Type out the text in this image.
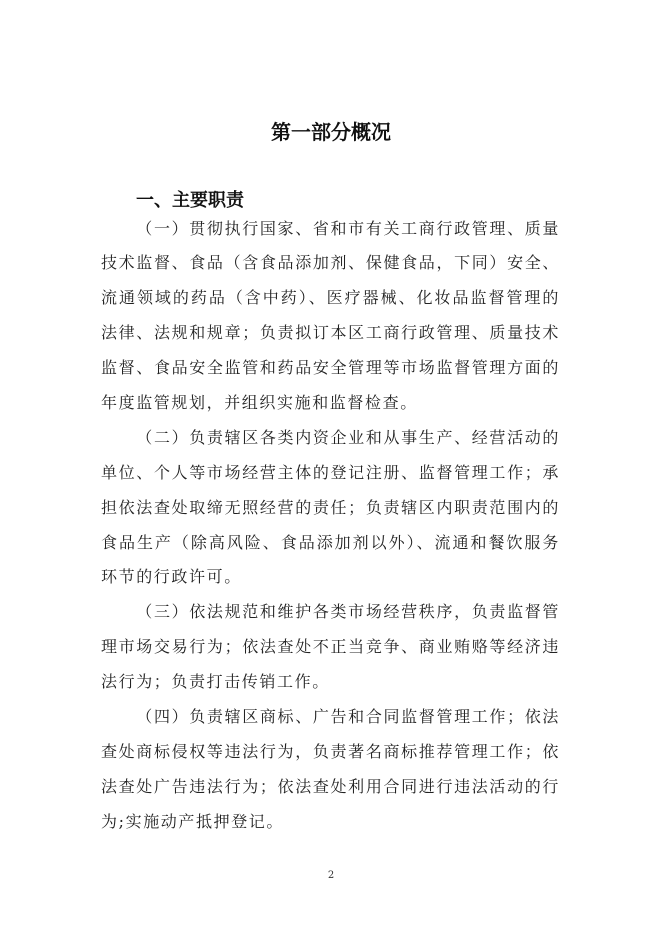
第一部分概况
一、主要职责
（一）贯彻执行国家、省和市有关工商行政管理、质量
技术监督、食品（含食品添加剂、保健食品，下同）安全、
流通领域的药品（含中药）、医疗器械、化妆品监督管理的
法律、法规和规章；负责拟订本区工商行政管理、质量技术
监督、食品安全监管和药品安全管理等市场监督管理方面的
年度监管规划，并组织实施和监督检查。
（二）负责辖区各类内资企业和从事生产、经营活动的
单位、个人等市场经营主体的登记注册、监督管理工作；承
担依法查处取缔无照经营的责任；负责辖区内职责范围内的
食品生产（除高风险、食品添加剂以外）、流通和餐饮服务
环节的行政许可。
（三）依法规范和维护各类市场经营秩序，负责监督管
理市场交易行为；依法查处不正当竞争、商业贿赂等经济违
法行为；负责打击传销工作。
（四）负责辖区商标、广告和合同监督管理工作；依法
查处商标侵权等违法行为，负责著名商标推荐管理工作；依
法查处广告违法行为；依法查处利用合同进行违法活动的行
为;实施动产抵押登记。
2
